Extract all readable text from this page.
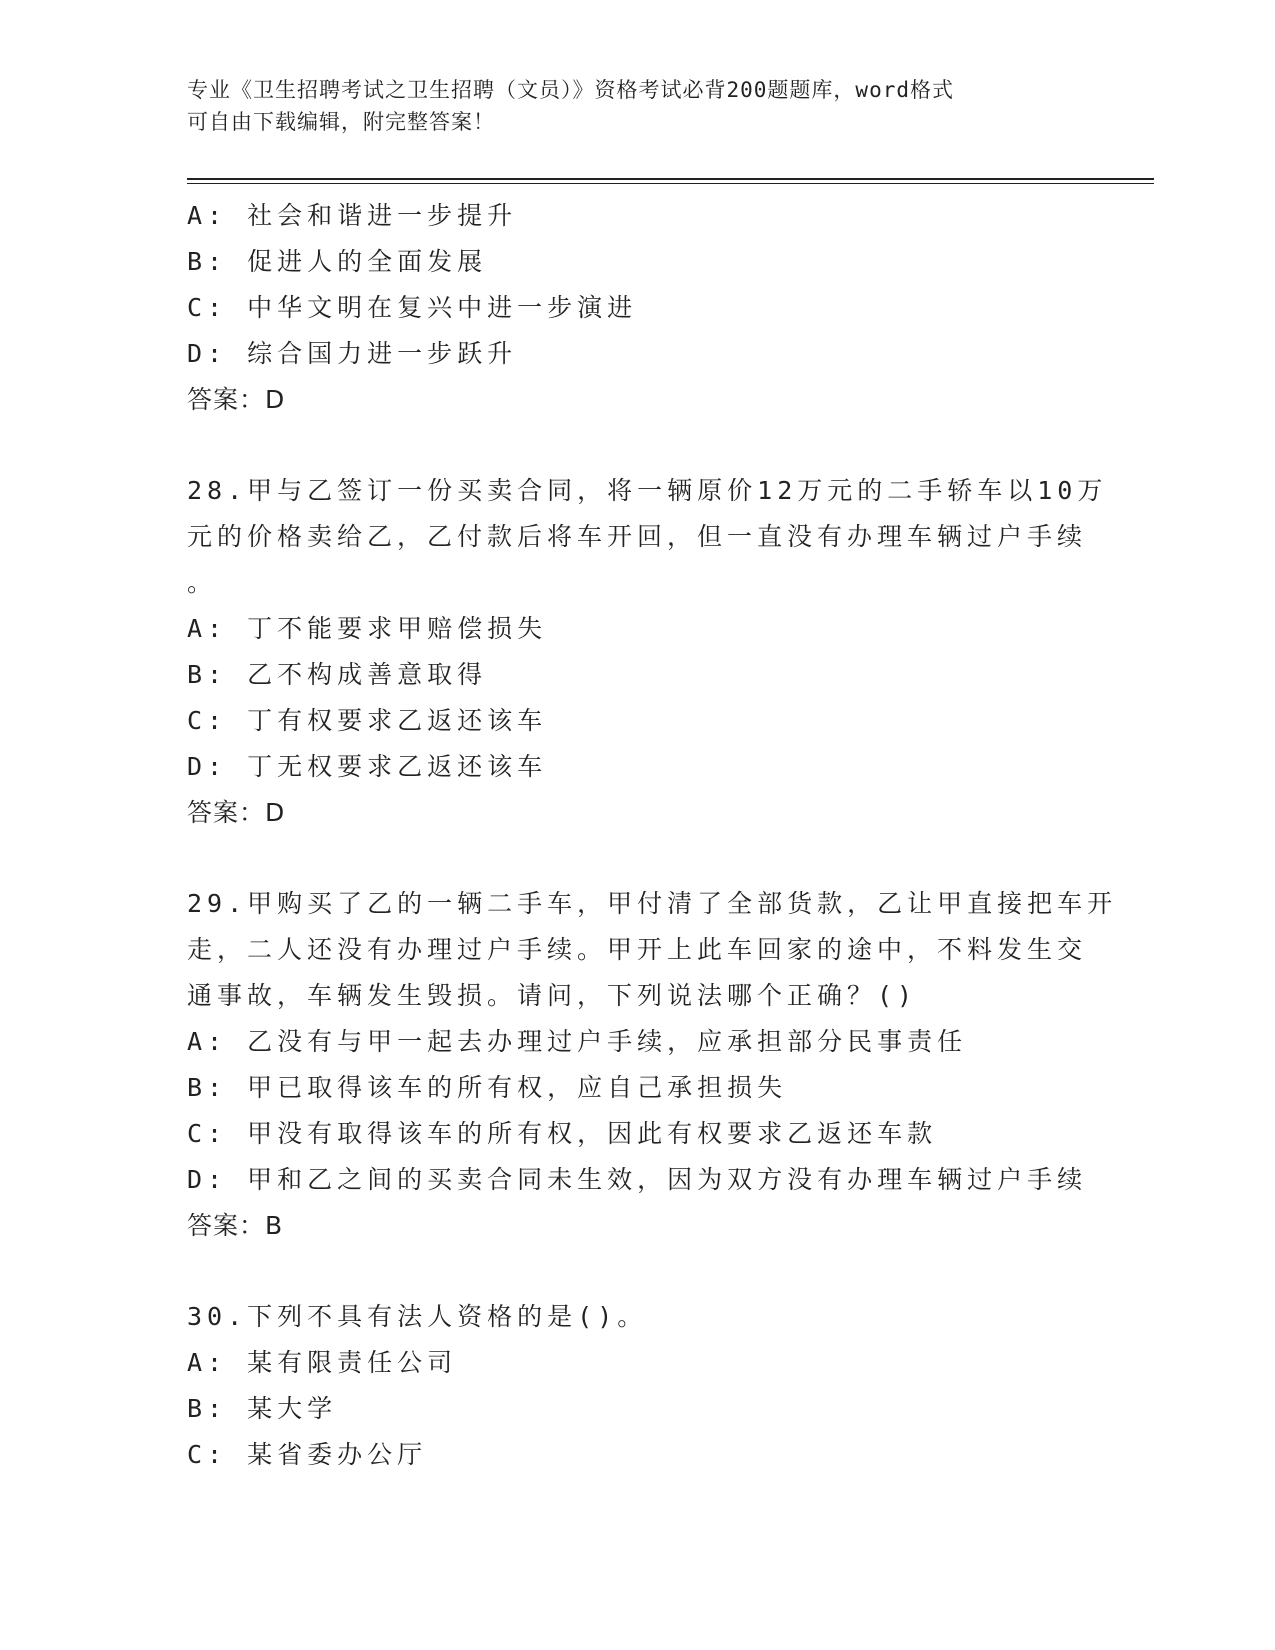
专业《卫生招聘考试之卫生招聘（文员）》资格考试必背200题题库，word格式
可自由下载编辑，附完整答案！
A: 社会和谐进一步提升
B: 促进人的全面发展
C: 中华文明在复兴中进一步演进
D: 综合国力进一步跃升
答案：D
28.甲与乙签订一份买卖合同，将一辆原价12万元的二手轿车以10万
元的价格卖给乙，乙付款后将车开回，但一直没有办理车辆过户手续
。
A: 丁不能要求甲赔偿损失
B: 乙不构成善意取得
C: 丁有权要求乙返还该车
D: 丁无权要求乙返还该车
答案：D
29.甲购买了乙的一辆二手车，甲付清了全部货款，乙让甲直接把车开
走，二人还没有办理过户手续。甲开上此车回家的途中，不料发生交
通事故，车辆发生毁损。请问，下列说法哪个正确？()
A: 乙没有与甲一起去办理过户手续，应承担部分民事责任
B: 甲已取得该车的所有权，应自己承担损失
C: 甲没有取得该车的所有权，因此有权要求乙返还车款
D: 甲和乙之间的买卖合同未生效，因为双方没有办理车辆过户手续
答案：B
30.下列不具有法人资格的是()。
A: 某有限责任公司
B: 某大学
C: 某省委办公厅
